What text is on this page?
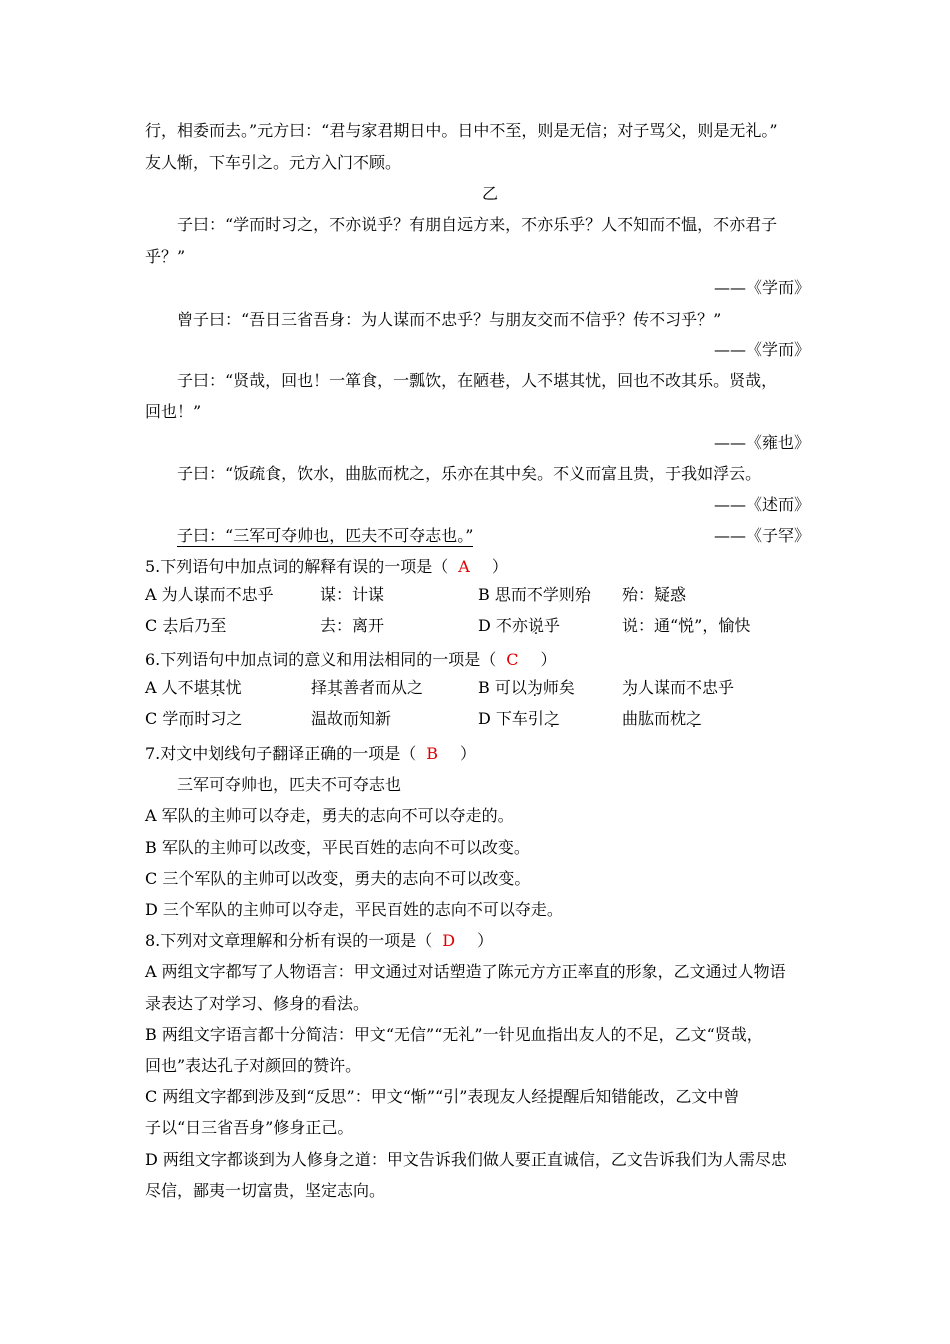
行，相委而去。”元方曰：“君与家君期日中。日中不至，则是无信；对子骂父，则是无礼。”
友人惭，下车引之。元方入门不顾。
乙
子曰：“学而时习之，不亦说乎？有朋自远方来，不亦乐乎？人不知而不愠，不亦君子
乎？”
——《学而》
曾子曰：“吾日三省吾身：为人谋而不忠乎？与朋友交而不信乎？传不习乎？”
——《学而》
子曰：“贤哉，回也！一箪食，一瓢饮，在陋巷，人不堪其忧，回也不改其乐。贤哉，
回也！”
——《雍也》
子曰：“饭疏食，饮水，曲肱而枕之，乐亦在其中矣。不义而富且贵，于我如浮云。
——《述而》
子曰：“三军可夺帅也，匹夫不可夺志也。”	——《子罕》
5.下列语句中加点词的解释有误的一项是（ A ）
A 为人谋而不忠乎	谋：计谋	B 思而不学则殆 殆：疑惑
C 去后乃至	去：离开	D 不亦说乎	说：通“悦”，愉快
6.下列语句中加点词的意义和用法相同的一项是（ C ）
A 人不堪其忧	择其善者而从之	B 可以为师矣	为人谋而不忠乎
C 学而时习之	温故而知新	D 下车引之	曲肱而枕之
7.对文中划线句子翻译正确的一项是（ B ）
三军可夺帅也，匹夫不可夺志也
A 军队的主帅可以夺走，勇夫的志向不可以夺走的。
B 军队的主帅可以改变，平民百姓的志向不可以改变。
C 三个军队的主帅可以改变，勇夫的志向不可以改变。
D 三个军队的主帅可以夺走，平民百姓的志向不可以夺走。
8.下列对文章理解和分析有误的一项是（ D ）
A 两组文字都写了人物语言：甲文通过对话塑造了陈元方方正率直的形象，乙文通过人物语
录表达了对学习、修身的看法。
B 两组文字语言都十分简洁：甲文“无信”“无礼”一针见血指出友人的不足，乙文“贤哉，
回也”表达孔子对颜回的赞许。
C 两组文字都到涉及到“反思”：甲文“惭”“引”表现友人经提醒后知错能改，乙文中曾
子以“日三省吾身”修身正己。
D 两组文字都谈到为人修身之道：甲文告诉我们做人要正直诚信，乙文告诉我们为人需尽忠
尽信，鄙夷一切富贵，坚定志向。
